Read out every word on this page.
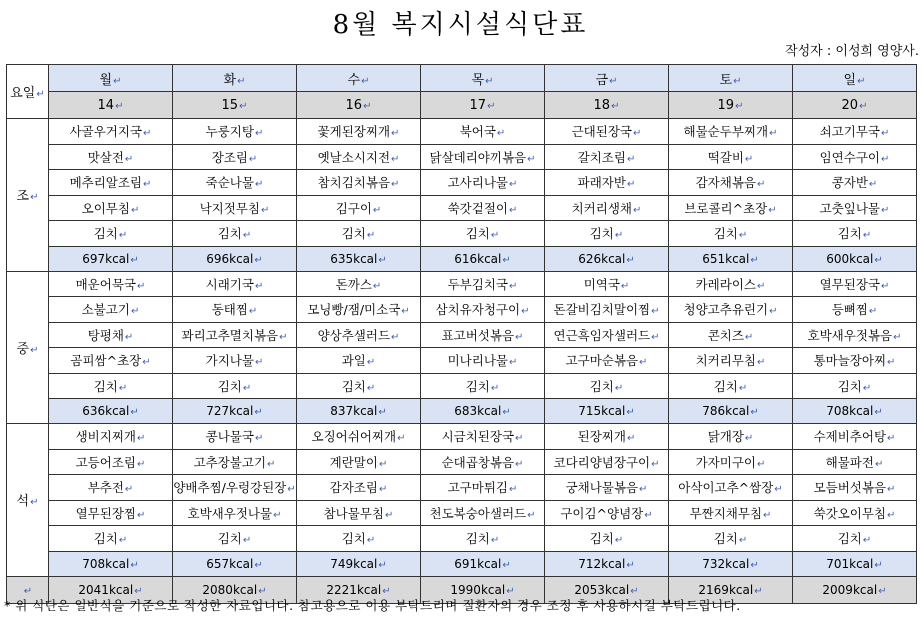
8월 복지시설식단표
작성자 : 이성희 영양사.
요일↵	월↵	화↵	수↵	목↵	금↵	토↵	일↵
	14↵	15↵	16↵	17↵	18↵	19↵	20↵
조↵	사골우거지국↵	누룽지탕↵	꽃게된장찌개↵	북어국↵	근대된장국↵	해물순두부찌개↵	쇠고기무국↵
	맛살전↵	장조림↵	옛날소시지전↵	닭살데리야끼볶음↵	갈치조림↵	떡갈비↵	임연수구이↵
	메추리알조림↵	죽순나물↵	참치김치볶음↵	고사리나물↵	파래자반↵	감자채볶음↵	콩자반↵
	오이무침↵	낙지젓무침↵	김구이↵	쑥갓겉절이↵	치커리생채↵	브로콜리^초장↵	고춧잎나물↵
	김치↵	김치↵	김치↵	김치↵	김치↵	김치↵	김치↵
	697kcal↵	696kcal↵	635kcal↵	616kcal↵	626kcal↵	651kcal↵	600kcal↵
중↵	매운어묵국↵	시래기국↵	돈까스↵	두부김치국↵	미역국↵	카레라이스↵	열무된장국↵
	소불고기↵	동태찜↵	모닝빵/잼/미소국↵	삼치유자청구이↵	돈갈비김치말이찜↵	청양고추유린기↵	등뼈찜↵
	탕평채↵	꽈리고추멸치볶음↵	양상추샐러드↵	표고버섯볶음↵	연근흑임자샐러드↵	콘치즈↵	호박새우젓볶음↵
	곰피쌈^초장↵	가지나물↵	과일↵	미나리나물↵	고구마순볶음↵	치커리무침↵	통마늘장아찌↵
	김치↵	김치↵	김치↵	김치↵	김치↵	김치↵	김치↵
	636kcal↵	727kcal↵	837kcal↵	683kcal↵	715kcal↵	786kcal↵	708kcal↵
석↵	생비지찌개↵	콩나물국↵	오징어쉬어찌개↵	시금치된장국↵	된장찌개↵	닭개장↵	수제비추어탕↵
	고등어조림↵	고추장불고기↵	계란말이↵	순대곱창볶음↵	코다리양념장구이↵	가자미구이↵	해물파전↵
	부추전↵	양배추찜/우렁강된장↵	감자조림↵	고구마튀김↵	궁채나물볶음↵	아삭이고추^쌈장↵	모듬버섯볶음↵
	열무된장찜↵	호박새우젓나물↵	참나물무침↵	천도복숭아샐러드↵	구이김^양념장↵	무짠지채무침↵	쑥갓오이무침↵
	김치↵	김치↵	김치↵	김치↵	김치↵	김치↵	김치↵
	708kcal↵	657kcal↵	749kcal↵	691kcal↵	712kcal↵	732kcal↵	701kcal↵
↵	2041kcal↵	2080kcal↵	2221kcal↵	1990kcal↵	2053kcal↵	2169kcal↵	2009kcal↵
* 위 식단은 일반식을 기준으로 작성한 자료입니다. 참고용으로 이용 부탁드리며 질환자의 경우 조정 후 사용하시길 부탁드립니다.
